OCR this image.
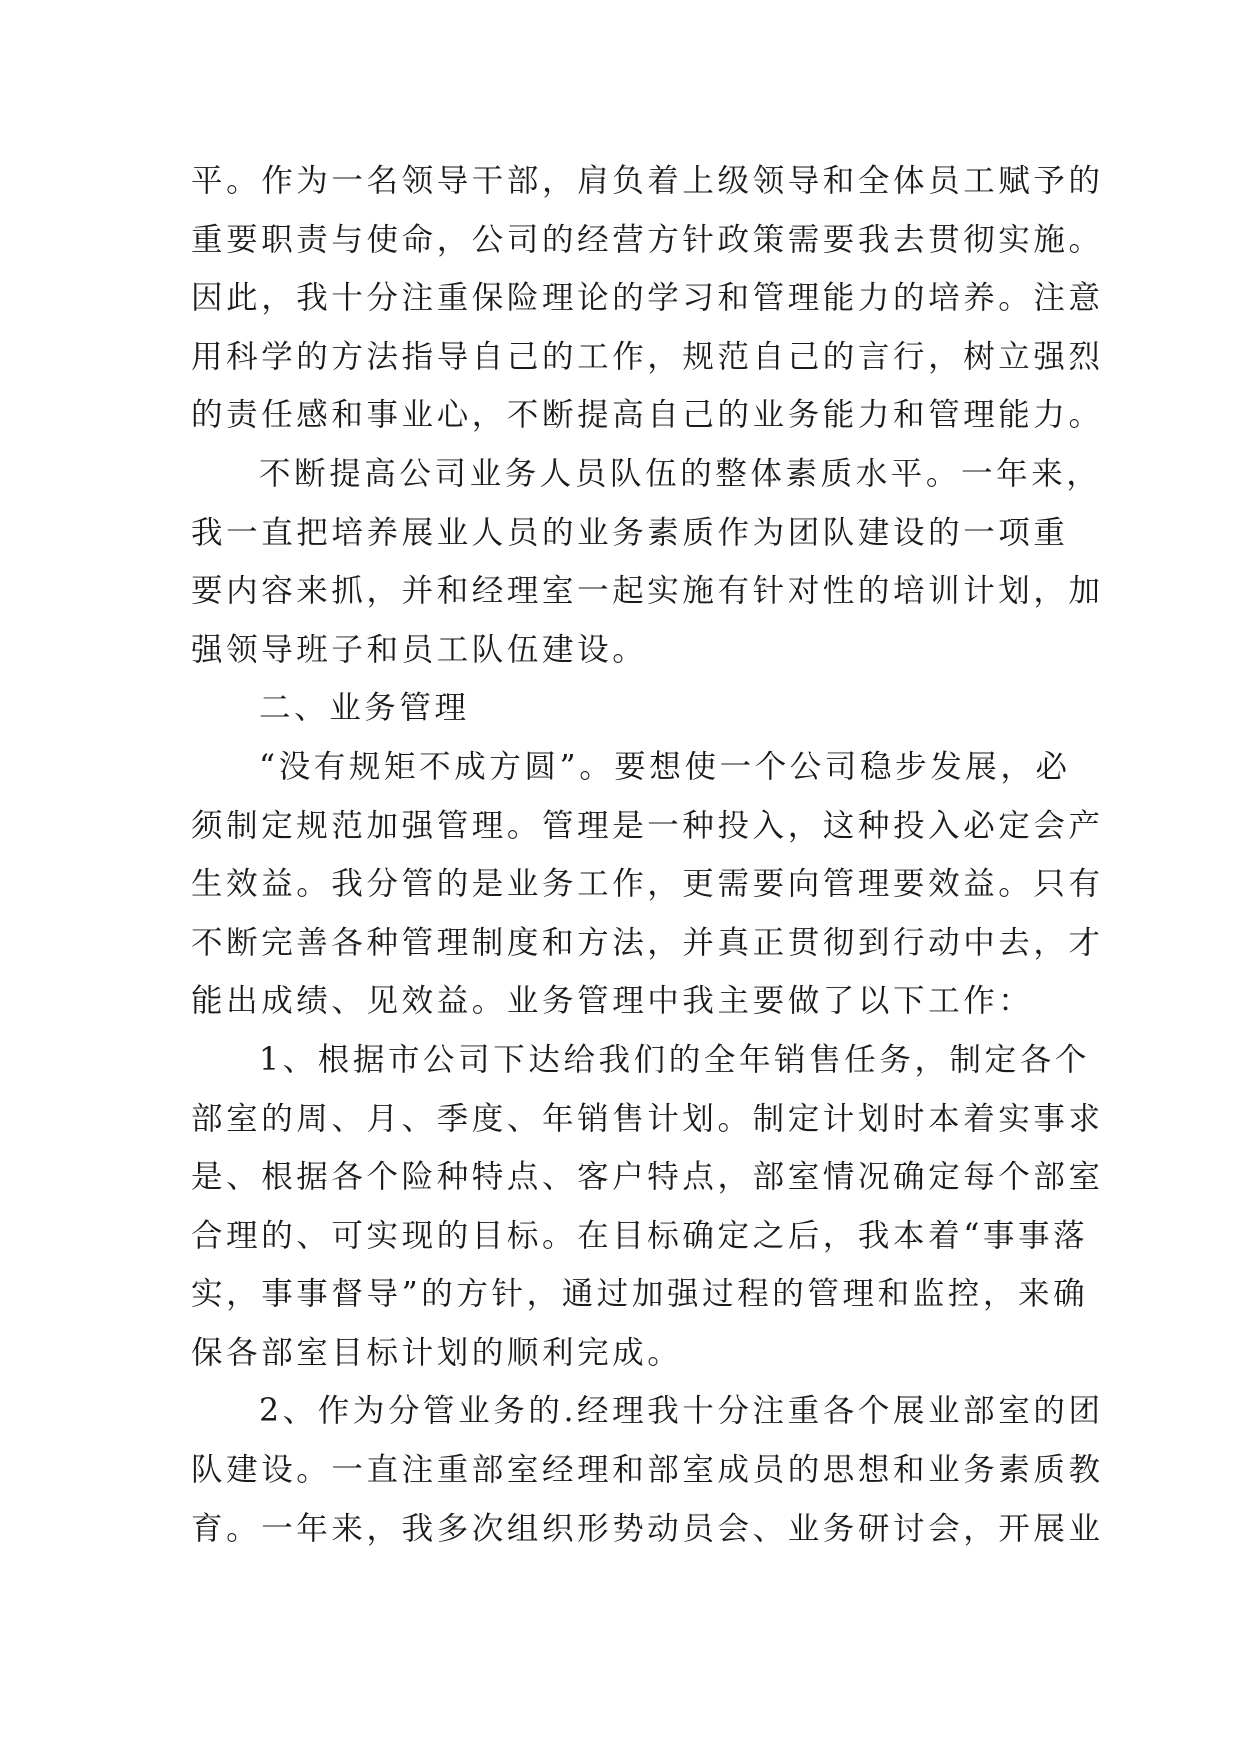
平。作为一名领导干部，肩负着上级领导和全体员工赋予的
重要职责与使命，公司的经营方针政策需要我去贯彻实施。
因此，我十分注重保险理论的学习和管理能力的培养。注意
用科学的方法指导自己的工作，规范自己的言行，树立强烈
的责任感和事业心，不断提高自己的业务能力和管理能力。
不断提高公司业务人员队伍的整体素质水平。一年来，
我一直把培养展业人员的业务素质作为团队建设的一项重
要内容来抓，并和经理室一起实施有针对性的培训计划，加
强领导班子和员工队伍建设。
二、业务管理
“没有规矩不成方圆”。要想使一个公司稳步发展，必
须制定规范加强管理。管理是一种投入，这种投入必定会产
生效益。我分管的是业务工作，更需要向管理要效益。只有
不断完善各种管理制度和方法，并真正贯彻到行动中去，才
能出成绩、见效益。业务管理中我主要做了以下工作：
1、根据市公司下达给我们的全年销售任务，制定各个
部室的周、月、季度、年销售计划。制定计划时本着实事求
是、根据各个险种特点、客户特点，部室情况确定每个部室
合理的、可实现的目标。在目标确定之后，我本着“事事落
实，事事督导”的方针，通过加强过程的管理和监控，来确
保各部室目标计划的顺利完成。
2、作为分管业务的.经理我十分注重各个展业部室的团
队建设。一直注重部室经理和部室成员的思想和业务素质教
育。一年来，我多次组织形势动员会、业务研讨会，开展业
